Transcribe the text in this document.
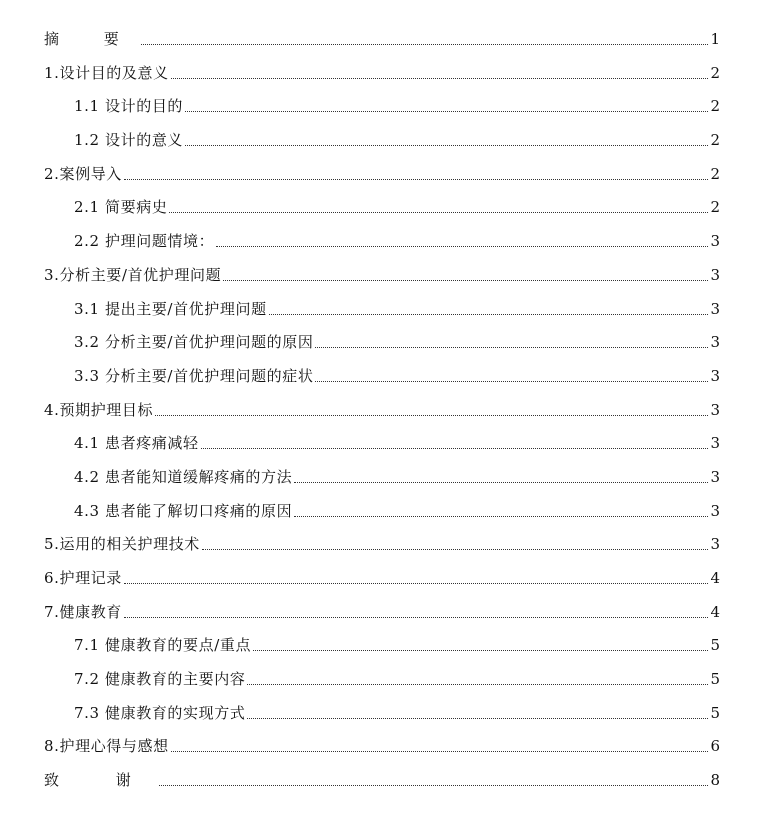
摘 要	1
1.设计目的及意义	2
1.1 设计的目的	2
1.2 设计的意义	2
2.案例导入	2
2.1 简要病史	2
2.2 护理问题情境：	3
3.分析主要/首优护理问题	3
3.1 提出主要/首优护理问题	3
3.2 分析主要/首优护理问题的原因	3
3.3 分析主要/首优护理问题的症状	3
4.预期护理目标	3
4.1 患者疼痛减轻	3
4.2 患者能知道缓解疼痛的方法	3
4.3 患者能了解切口疼痛的原因	3
5.运用的相关护理技术	3
6.护理记录	4
7.健康教育	4
7.1 健康教育的要点/重点	5
7.2 健康教育的主要内容	5
7.3 健康教育的实现方式	5
8.护理心得与感想	6
致 谢	8
